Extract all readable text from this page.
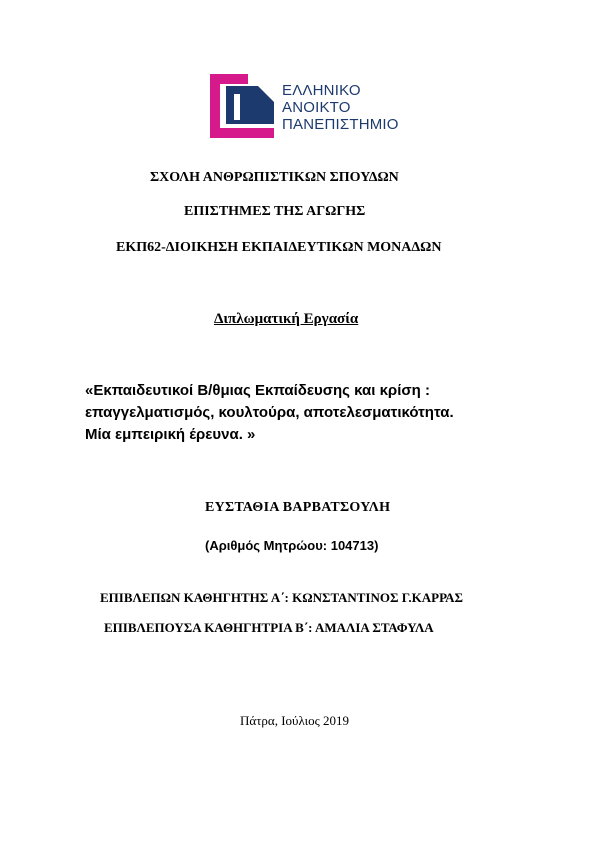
ΕΛΛΗΝΙΚΟ
ΑΝΟΙΚΤΟ
ΠΑΝΕΠΙΣΤΗΜΙΟ
ΣΧΟΛΗ ΑΝΘΡΩΠΙΣΤΙΚΩΝ ΣΠΟΥΔΩΝ
ΕΠΙΣΤΗΜΕΣ ΤΗΣ ΑΓΩΓΗΣ
ΕΚΠ62-ΔΙΟΙΚΗΣΗ ΕΚΠΑΙΔΕΥΤΙΚΩΝ ΜΟΝΑΔΩΝ
Διπλωματική Εργασία
«Εκπαιδευτικοί Β/θμιας Εκπαίδευσης και κρίση :
επαγγελματισμός, κουλτούρα, αποτελεσματικότητα.
Μία εμπειρική έρευνα. »
ΕΥΣΤΑΘΙΑ ΒΑΡΒΑΤΣΟΥΛΗ
(Αριθμός Μητρώου: 104713)
ΕΠΙΒΛΕΠΩΝ ΚΑΘΗΓΗΤΗΣ Α΄: ΚΩΝΣΤΑΝΤΙΝΟΣ Γ.ΚΑΡΡΑΣ
ΕΠΙΒΛΕΠΟΥΣΑ ΚΑΘΗΓΗΤΡΙΑ Β΄: ΑΜΑΛΙΑ ΣΤΑΦΥΛΑ
Πάτρα, Ιούλιος 2019
